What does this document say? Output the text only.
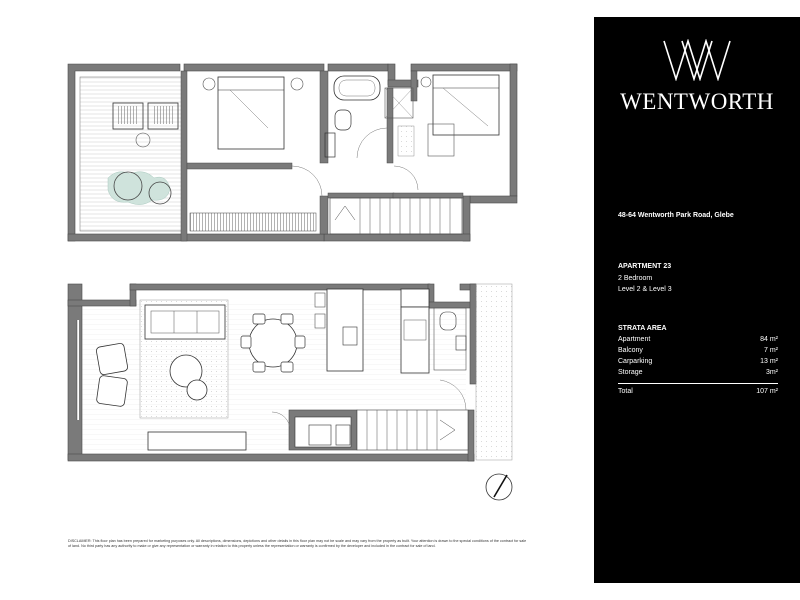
DISCLAIMER: This floor plan has been prepared for marketing purposes only. All descriptions, dimensions, depictions and other details in this floor plan may not be scale and may vary from the property as built. Your attention is drawn to the special conditions of the contract for sale of land. No third party has any authority to make or give any representation or warranty in relation to this property unless the representation or warranty is confirmed by the developer and included in the contract for sale of land.
WENTWORTH
48-64 Wentworth Park Road, Glebe
APARTMENT 23
2 Bedroom
Level 2 & Level 3
STRATA AREA
Apartment	84 m²
Balcony	7 m²
Carparking	13 m²
Storage	3m²
Total	107 m²
